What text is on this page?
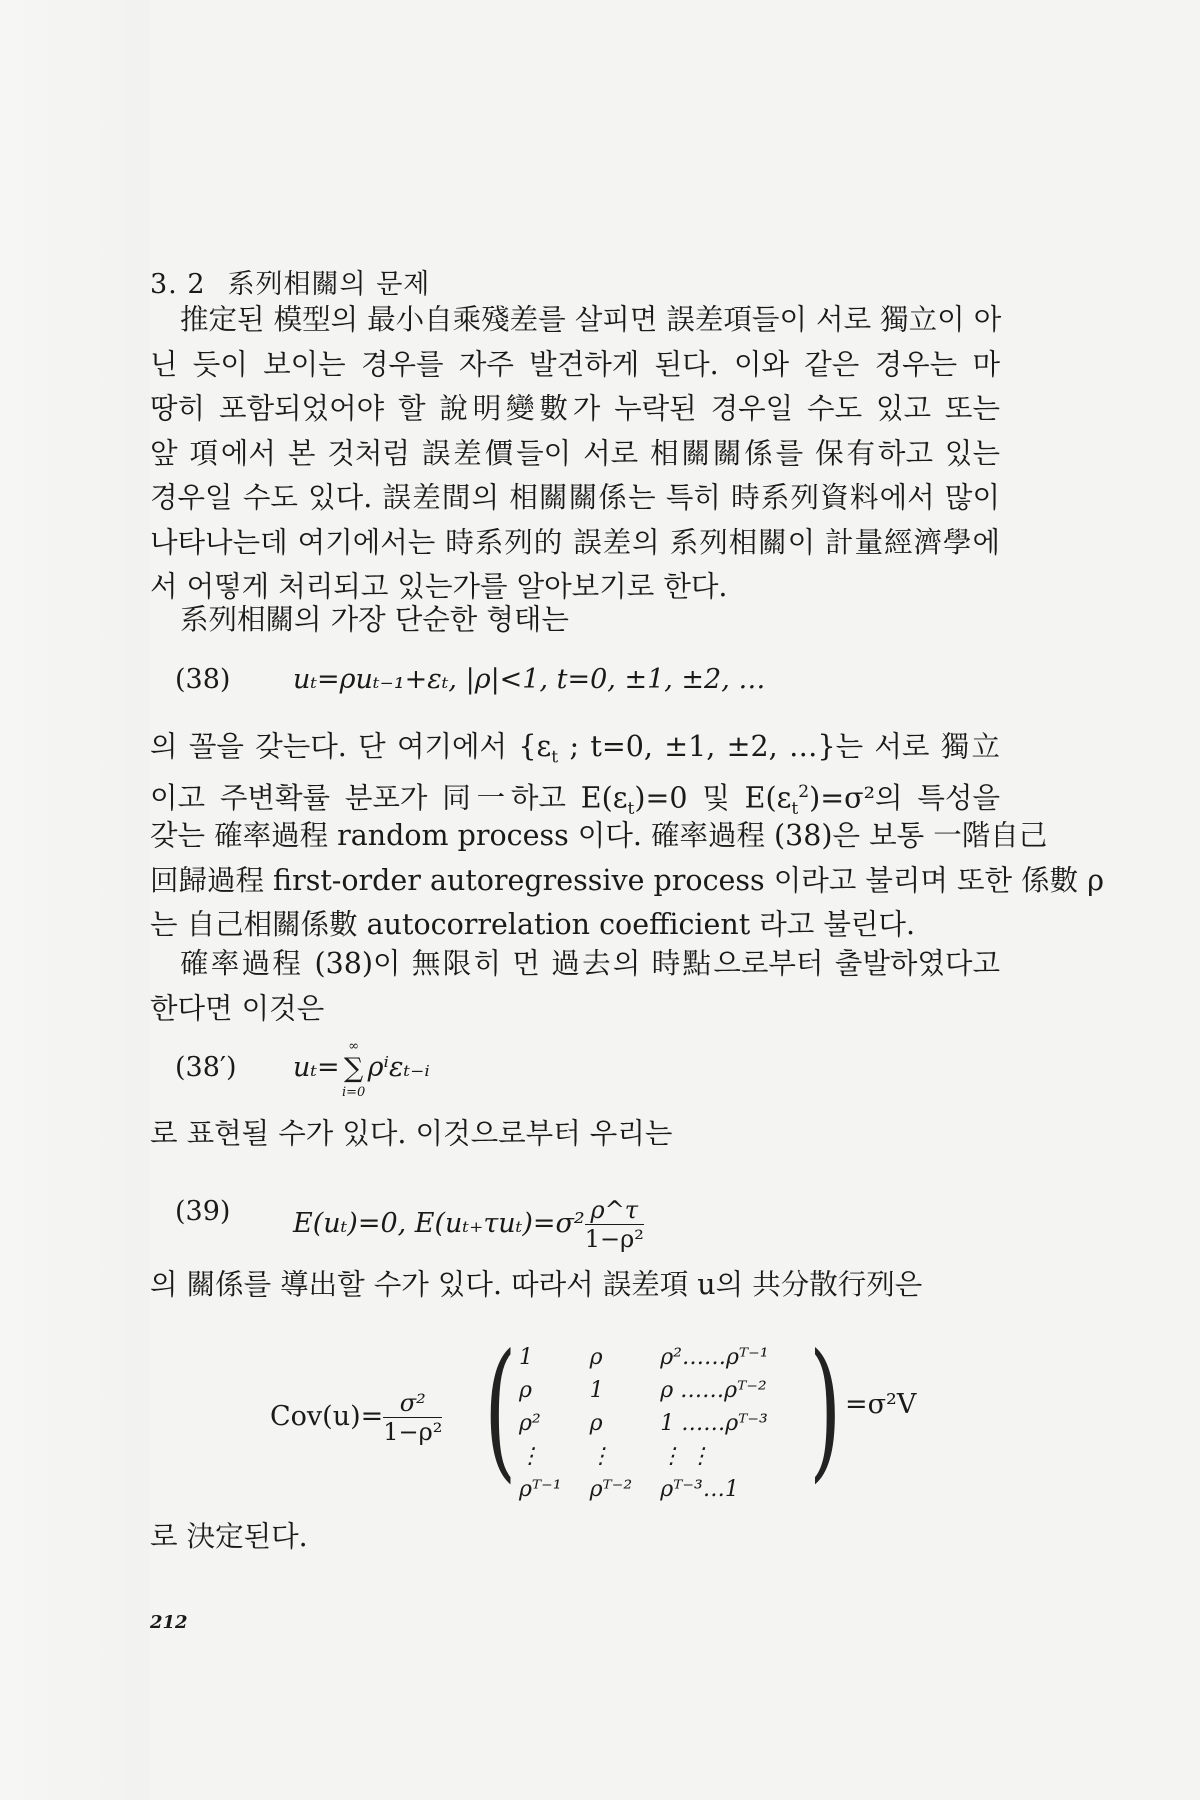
3. 2 系列相關의 문제
推定된 模型의 最小自乘殘差를 살피면 誤差項들이 서로 獨立이 아
닌 듯이 보이는 경우를 자주 발견하게 된다. 이와 같은 경우는 마
땅히 포함되었어야 할 說明變數가 누락된 경우일 수도 있고 또는
앞 項에서 본 것처럼 誤差價들이 서로 相關關係를 保有하고 있는
경우일 수도 있다. 誤差間의 相關關係는 특히 時系列資料에서 많이
나타나는데 여기에서는 時系列的 誤差의 系列相關이 計量經濟學에
서 어떻게 처리되고 있는가를 알아보기로 한다.
系列相關의 가장 단순한 형태는
(38) uₜ=ρuₜ₋₁+εₜ, |ρ|<1, t=0, ±1, ±2, …
의 꼴을 갖는다. 단 여기에서 {$\varepsilon_t$ ; t=0, ±1, ±2, …}는 서로 獨立
이고 주변확률 분포가 同一하고 $E(\varepsilon_t)=0$ 및 $E(\varepsilon_t^2)=\sigma^2$의 특성을
갖는 確率過程 random process 이다. 確率過程 (38)은 보통 一階自己
回歸過程 first-order autoregressive process 이라고 불리며 또한 係數 ρ
는 自己相關係數 autocorrelation coefficient 라고 불린다.
確率過程 (38)이 無限히 먼 過去의 時點으로부터 출발하였다고
한다면 이것은
(38′) uₜ=
∞
∑
i=0
ρⁱεₜ₋ᵢ
로 표현될 수가 있다. 이것으로부터 우리는
(39) E(uₜ)=0, $E(u_{t+}\tau u_t)=\sigma^2 \frac{\rho\^{}\tau}{\text{1−ρ²}}$
의 關係를 導出할 수가 있다. 따라서 誤差項 u의 共分散行列은
$Cov(u)= \frac{\text{σ²}}{\text{1−ρ²}}$ ( 1	ρ	ρ²……ρᵀ⁻¹
ρ	1	ρ ……ρᵀ⁻²
ρ²	ρ	1 ……ρᵀ⁻³
⋮	⋮	⋮ ⋮
ρᵀ⁻¹	ρᵀ⁻²	ρᵀ⁻³…1 ) =σ²V
로 決定된다.
212
